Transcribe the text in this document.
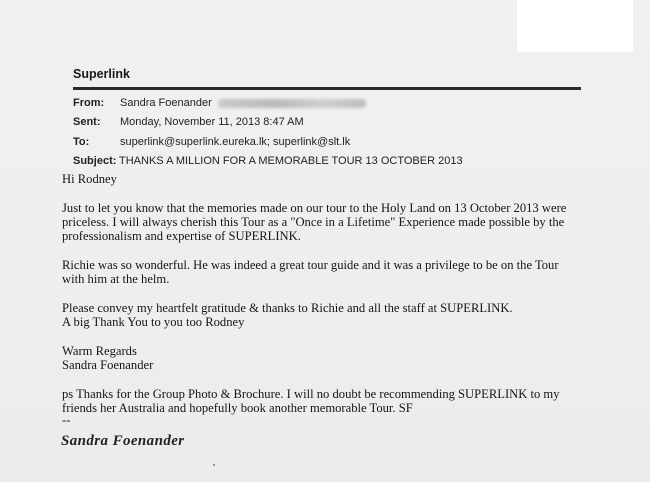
Superlink
From: Sandra Foenander
Sent: Monday, November 11, 2013 8:47 AM
To:	superlink@superlink.eureka.lk; superlink@slt.lk
Subject: THANKS A MILLION FOR A MEMORABLE TOUR 13 OCTOBER 2013
Hi Rodney
Just to let you know that the memories made on our tour to the Holy Land on 13 October 2013 were
priceless. I will always cherish this Tour as a "Once in a Lifetime" Experience made possible by the
professionalism and expertise of SUPERLINK.
Richie was so wonderful. He was indeed a great tour guide and it was a privilege to be on the Tour
with him at the helm.
Please convey my heartfelt gratitude & thanks to Richie and all the staff at SUPERLINK.
A big Thank You to you too Rodney
Warm Regards
Sandra Foenander
ps Thanks for the Group Photo & Brochure. I will no doubt be recommending SUPERLINK to my
friends her Australia and hopefully book another memorable Tour. SF
--
Sandra Foenander
